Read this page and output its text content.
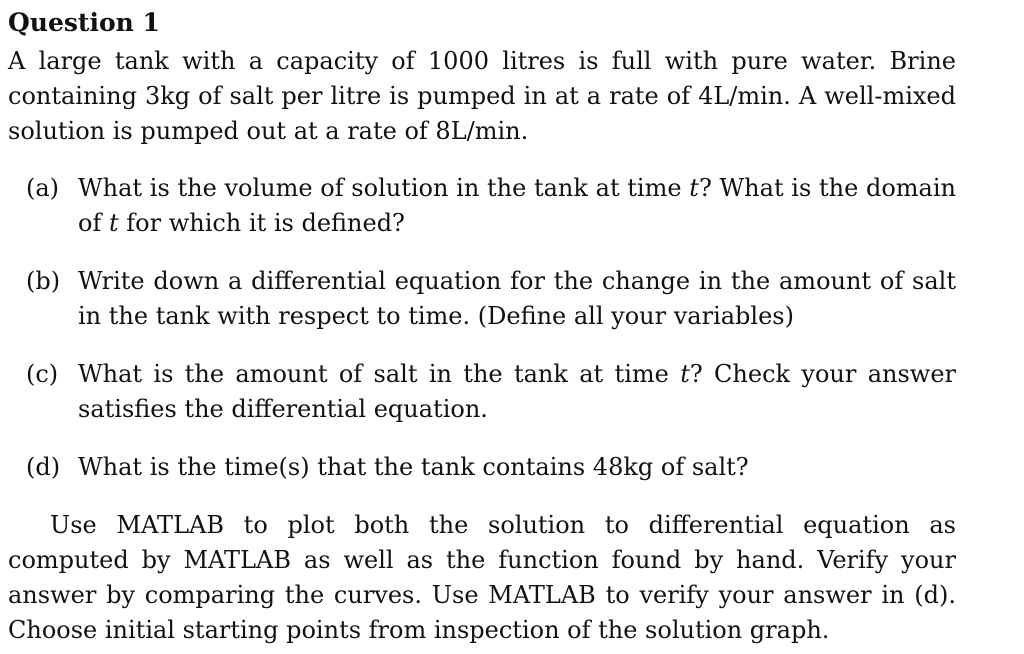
Question 1

A large tank with a capacity of 1000 litres is full with pure water. Brine containing 3kg of salt per litre is pumped in at a rate of 4L/min. A well-mixed solution is pumped out at a rate of 8L/min.

(a) What is the volume of solution in the tank at time t? What is the domain of t for which it is defined?
(b) Write down a differential equation for the change in the amount of salt in the tank with respect to time. (Define all your variables)
(c) What is the amount of salt in the tank at time t? Check your answer satisfies the differential equation.
(d) What is the time(s) that the tank contains 48kg of salt?

Use MATLAB to plot both the solution to differential equation as computed by MATLAB as well as the function found by hand. Verify your answer by comparing the curves. Use MATLAB to verify your answer in (d). Choose initial starting points from inspection of the solution graph.
